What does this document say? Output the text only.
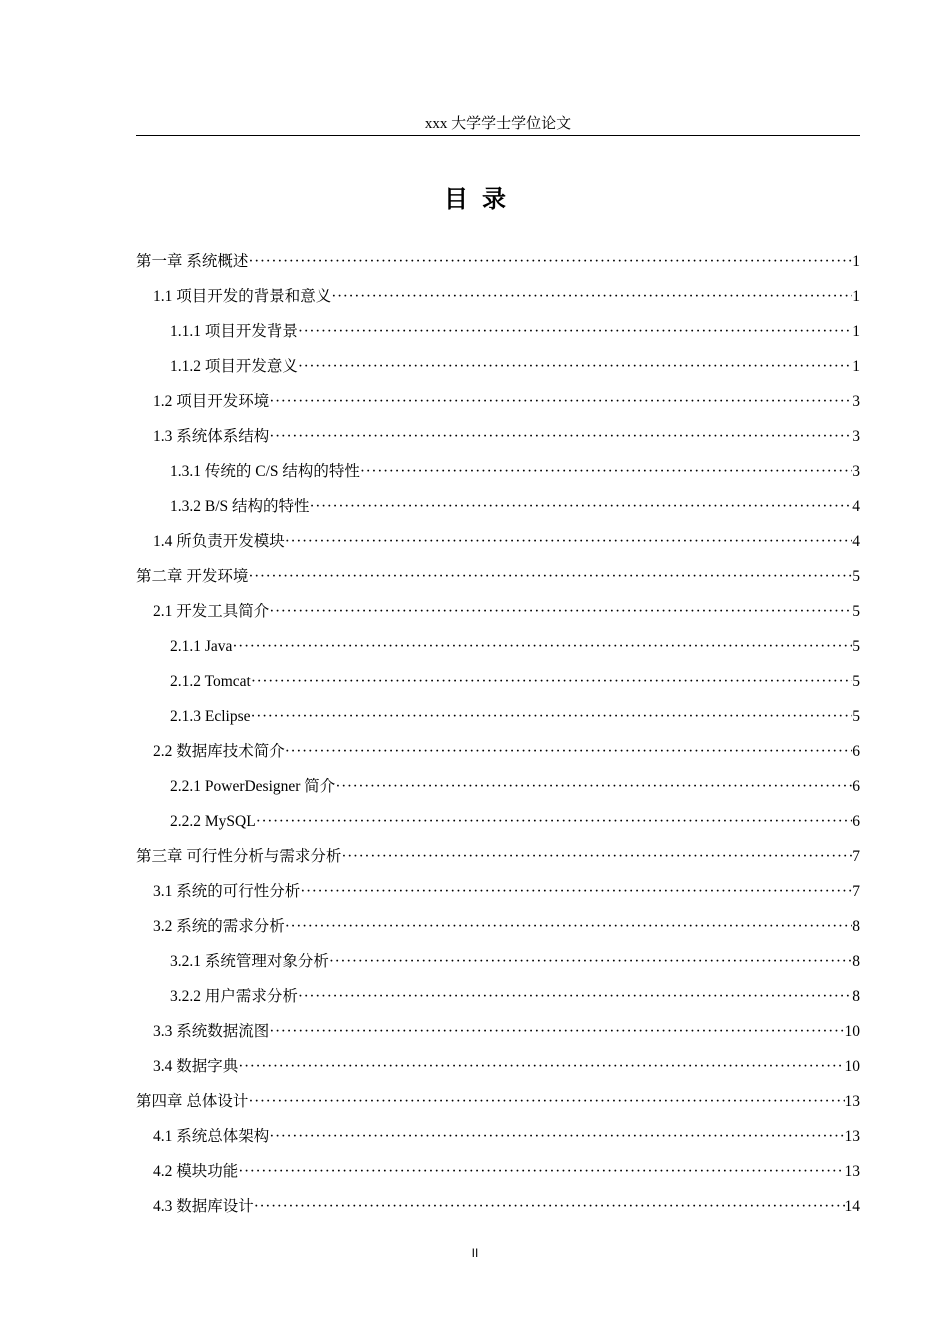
xxx 大学学士学位论文
目录
第一章 系统概述 ·····	1
1.1 项目开发的背景和意义 ·····	1
1.1.1 项目开发背景 ·····	1
1.1.2 项目开发意义 ·····	1
1.2 项目开发环境 ·····	3
1.3 系统体系结构 ·····	3
1.3.1 传统的 C/S 结构的特性 ·····	3
1.3.2 B/S 结构的特性 ·····	4
1.4 所负责开发模块 ·····	4
第二章 开发环境 ·····	5
2.1 开发工具简介 ·····	5
2.1.1 Java ·····	5
2.1.2 Tomcat ·····	5
2.1.3 Eclipse ·····	5
2.2 数据库技术简介 ·····	6
2.2.1 PowerDesigner 简介 ·····	6
2.2.2 MySQL ·····	6
第三章 可行性分析与需求分析 ·····	7
3.1 系统的可行性分析 ·····	7
3.2 系统的需求分析 ·····	8
3.2.1 系统管理对象分析 ·····	8
3.2.2 用户需求分析 ·····	8
3.3 系统数据流图 ·····	10
3.4 数据字典 ·····	10
第四章 总体设计 ·····	13
4.1 系统总体架构 ·····	13
4.2 模块功能 ·····	13
4.3 数据库设计 ·····	14
II
